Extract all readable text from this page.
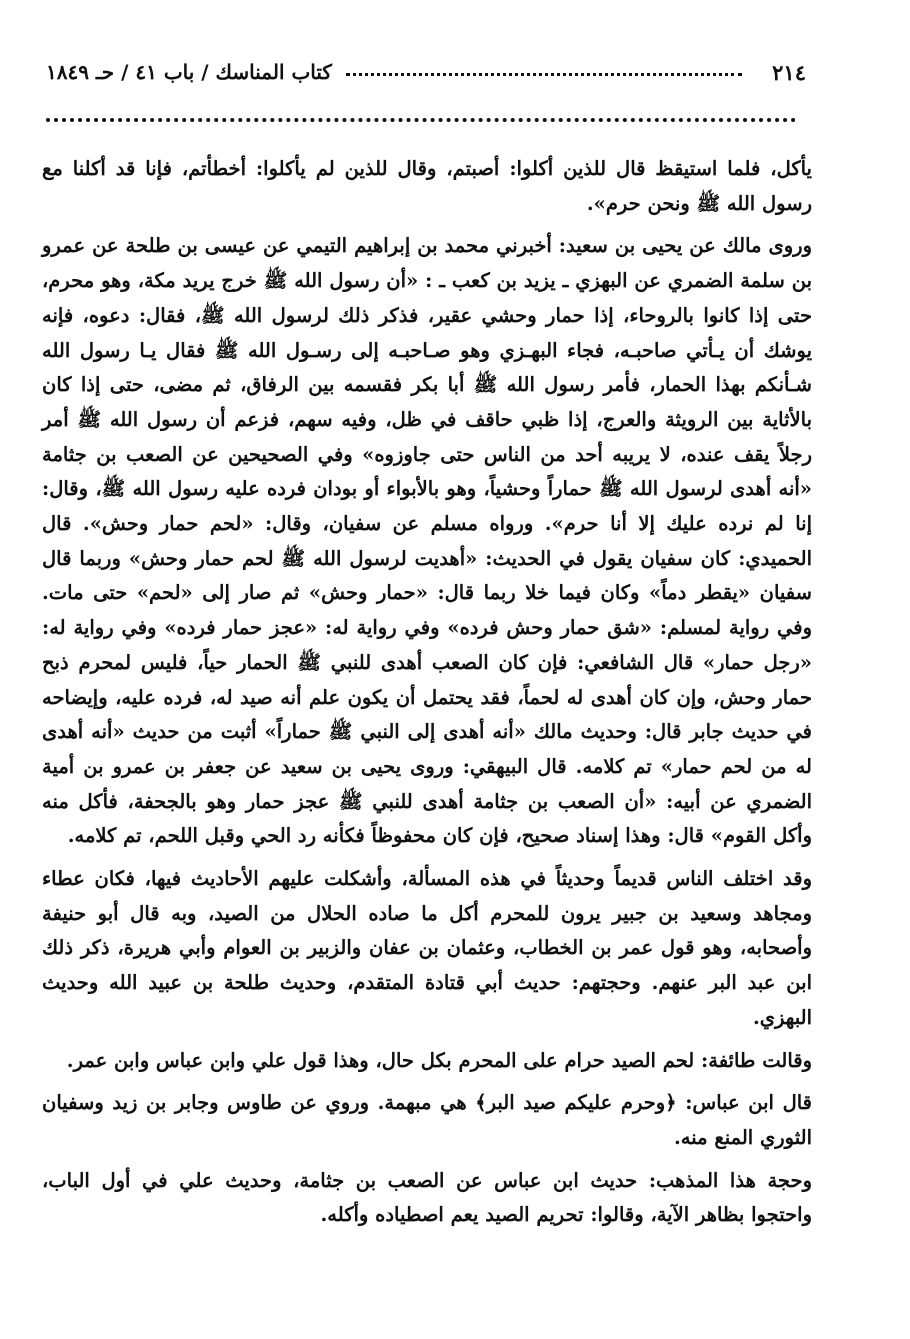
٢١٤
كتاب المناسك / باب ٤١ / حـ ١٨٤٩

يأكل، فلما استيقظ قال للذين أكلوا: أصبتم، وقال للذين لم يأكلوا: أخطأتم، فإنا قد أكلنا مع رسول الله ﷺ ونحن حرم».

وروى مالك عن يحيى بن سعيد: أخبرني محمد بن إبراهيم التيمي عن عيسى بن طلحة عن عمرو بن سلمة الضمري عن البهزي ـ يزيد بن كعب ـ : «أن رسول الله ﷺ خرج يريد مكة، وهو محرم، حتى إذا كانوا بالروحاء، إذا حمار وحشي عقير، فذكر ذلك لرسول الله ﷺ، فقال: دعوه، فإنه يوشك أن يـأتي صاحبـه، فجاء البهـزي وهو صـاحبـه إلى رسـول الله ﷺ فقال يـا رسول الله شـأنكم بهذا الحمار، فأمر رسول الله ﷺ أبا بكر فقسمه بين الرفاق، ثم مضى، حتى إذا كان بالأثاية بين الرويثة والعرج، إذا ظبي حاقف في ظل، وفيه سهم، فزعم أن رسول الله ﷺ أمر رجلاً يقف عنده، لا يريبه أحد من الناس حتى جاوزوه» وفي الصحيحين عن الصعب بن جثامة «أنه أهدى لرسول الله ﷺ حماراً وحشياً، وهو بالأبواء أو بودان فرده عليه رسول الله ﷺ، وقال: إنا لم نرده عليك إلا أنا حرم». ورواه مسلم عن سفيان، وقال: «لحم حمار وحش». قال الحميدي: كان سفيان يقول في الحديث: «أهديت لرسول الله ﷺ لحم حمار وحش» وربما قال سفيان «يقطر دماً» وكان فيما خلا ربما قال: «حمار وحش» ثم صار إلى «لحم» حتى مات. وفي رواية لمسلم: «شق حمار وحش فرده» وفي رواية له: «عجز حمار فرده» وفي رواية له: «رجل حمار» قال الشافعي: فإن كان الصعب أهدى للنبي ﷺ الحمار حياً، فليس لمحرم ذبح حمار وحش، وإن كان أهدى له لحماً، فقد يحتمل أن يكون علم أنه صيد له، فرده عليه، وإيضاحه في حديث جابر قال: وحديث مالك «أنه أهدى إلى النبي ﷺ حماراً» أثبت من حديث «أنه أهدى له من لحم حمار» تم كلامه. قال البيهقي: وروى يحيى بن سعيد عن جعفر بن عمرو بن أمية الضمري عن أبيه: «أن الصعب بن جثامة أهدى للنبي ﷺ عجز حمار وهو بالجحفة، فأكل منه وأكل القوم» قال: وهذا إسناد صحيح، فإن كان محفوظاً فكأنه رد الحي وقبل اللحم، تم كلامه.

وقد اختلف الناس قديماً وحديثاً في هذه المسألة، وأشكلت عليهم الأحاديث فيها، فكان عطاء ومجاهد وسعيد بن جبير يرون للمحرم أكل ما صاده الحلال من الصيد، وبه قال أبو حنيفة وأصحابه، وهو قول عمر بن الخطاب، وعثمان بن عفان والزبير بن العوام وأبي هريرة، ذكر ذلك ابن عبد البر عنهم. وحجتهم: حديث أبي قتادة المتقدم، وحديث طلحة بن عبيد الله وحديث البهزي.

وقالت طائفة: لحم الصيد حرام على المحرم بكل حال، وهذا قول علي وابن عباس وابن عمر.

قال ابن عباس: ﴿وحرم عليكم صيد البر﴾ هي مبهمة. وروي عن طاوس وجابر بن زيد وسفيان الثوري المنع منه.

وحجة هذا المذهب: حديث ابن عباس عن الصعب بن جثامة، وحديث علي في أول الباب، واحتجوا بظاهر الآية، وقالوا: تحريم الصيد يعم اصطياده وأكله.
